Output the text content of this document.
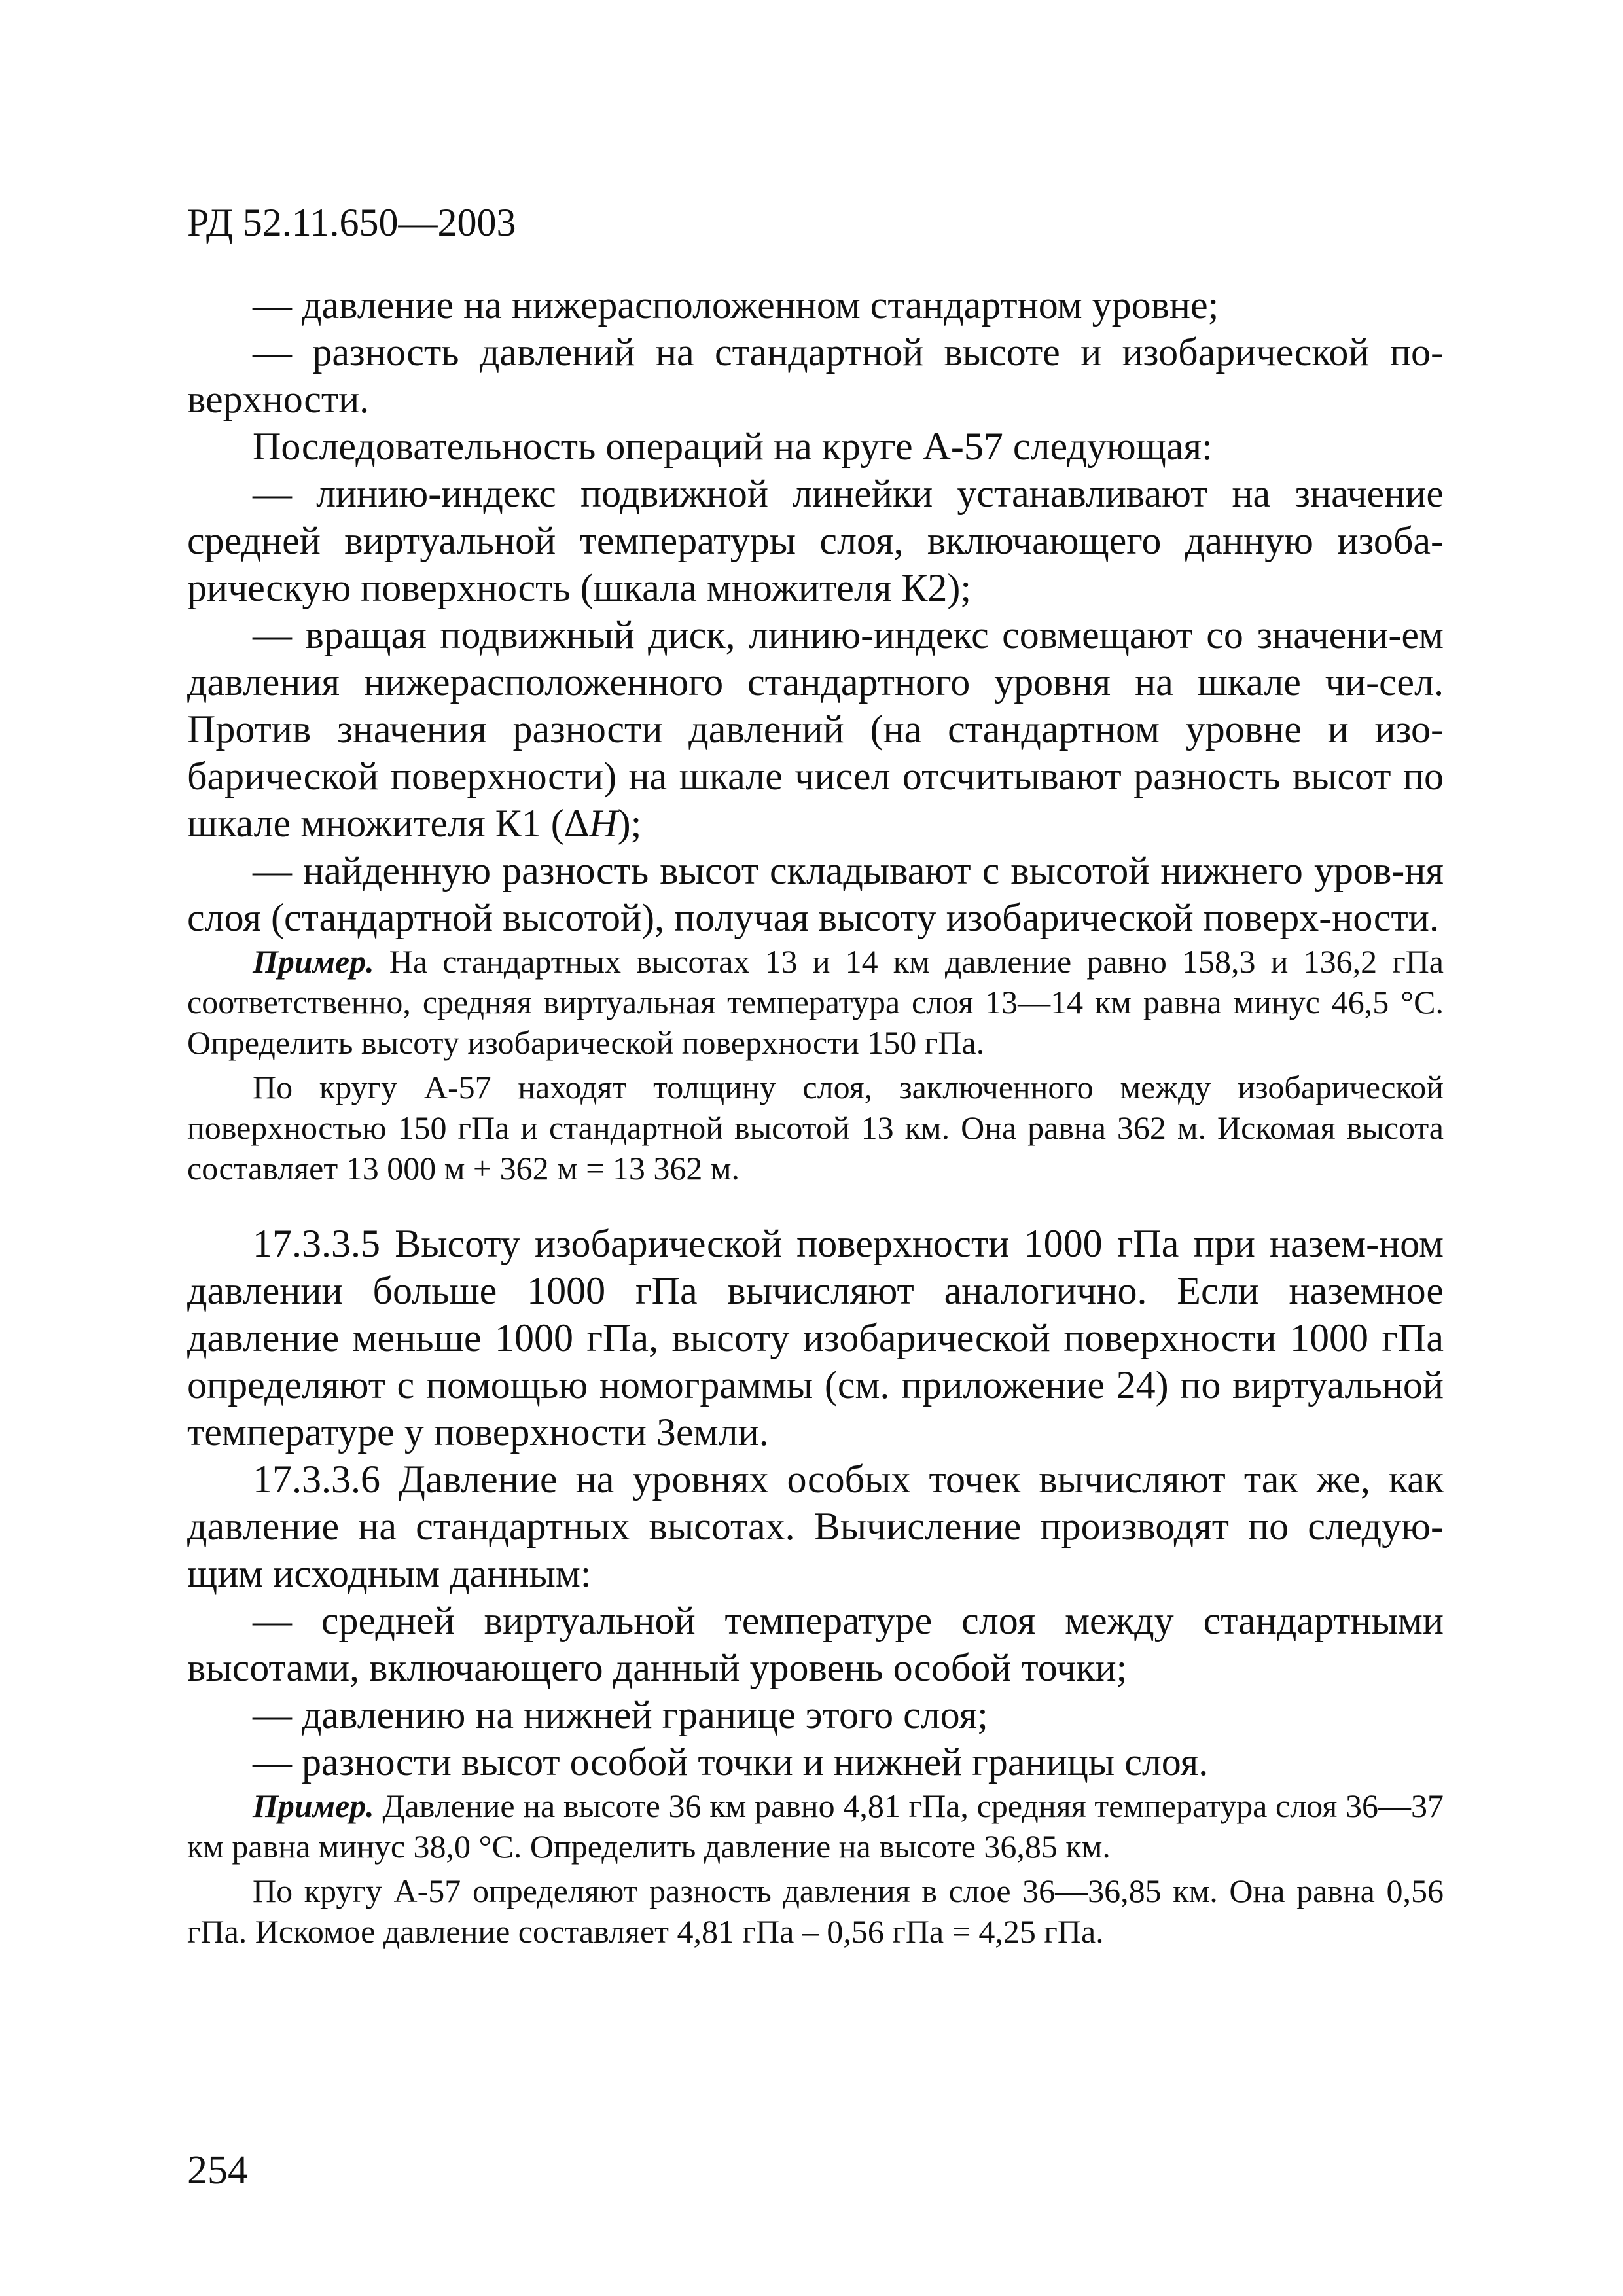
РД 52.11.650—2003

— давление на нижерасположенном стандартном уровне;

— разность давлений на стандартной высоте и изобарической по-верхности.

Последовательность операций на круге А-57 следующая:

— линию-индекс подвижной линейки устанавливают на значение средней виртуальной температуры слоя, включающего данную изоба-рическую поверхность (шкала множителя К2);

— вращая подвижный диск, линию-индекс совмещают со значени-ем давления нижерасположенного стандартного уровня на шкале чи-сел. Против значения разности давлений (на стандартном уровне и изо-барической поверхности) на шкале чисел отсчитывают разность высот по шкале множителя К1 (ΔH);

— найденную разность высот складывают с высотой нижнего уров-ня слоя (стандартной высотой), получая высоту изобарической поверх-ности.

Пример. На стандартных высотах 13 и 14 км давление равно 158,3 и 136,2 гПа соответственно, средняя виртуальная температура слоя 13—14 км равна минус 46,5 °С. Определить высоту изобарической поверхности 150 гПа.

По кругу А-57 находят толщину слоя, заключенного между изобарической поверхностью 150 гПа и стандартной высотой 13 км. Она равна 362 м. Искомая высота составляет 13 000 м + 362 м = 13 362 м.

17.3.3.5 Высоту изобарической поверхности 1000 гПа при назем-ном давлении больше 1000 гПа вычисляют аналогично. Если наземное давление меньше 1000 гПа, высоту изобарической поверхности 1000 гПа определяют с помощью номограммы (см. приложение 24) по виртуальной температуре у поверхности Земли.

17.3.3.6 Давление на уровнях особых точек вычисляют так же, как давление на стандартных высотах. Вычисление производят по следую-щим исходным данным:

— средней виртуальной температуре слоя между стандартными высотами, включающего данный уровень особой точки;

— давлению на нижней границе этого слоя;

— разности высот особой точки и нижней границы слоя.

Пример. Давление на высоте 36 км равно 4,81 гПа, средняя температура слоя 36—37 км равна минус 38,0 °С. Определить давление на высоте 36,85 км.

По кругу А-57 определяют разность давления в слое 36—36,85 км. Она равна 0,56 гПа. Искомое давление составляет 4,81 гПа – 0,56 гПа = 4,25 гПа.

254
